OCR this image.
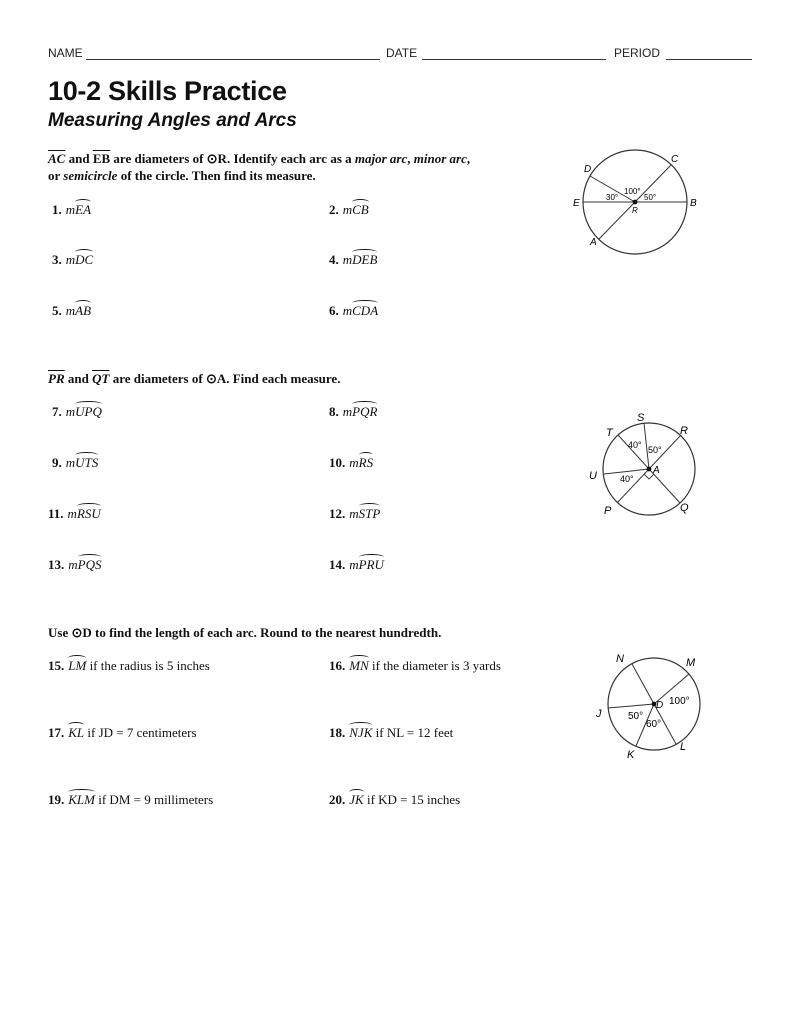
NAME	DATE	PERIOD
10-2 Skills Practice
Measuring Angles and Arcs
$\overline{AC}$ and $\overline{EB}$ are diameters of ⊙R. Identify each arc as a major arc, minor arc,
or semicircle of the circle. Then find its measure.
1. mEA	2. mCB
3. mDC	4. mDEB
5. mAB	6. mCDA
D
C
E	B
R
A
30°
100°
50°
$\overline{PR}$ and $\overline{QT}$ are diameters of ⊙A. Find each measure.
7. mUPQ	8. mPQR
9. mUTS	10. mRS
11. mRSU	12. mSTP
13. mPQS	14. mPRU
S
T	R
U	A
P	Q
40° 50°
40°
Use ⊙D to find the length of each arc. Round to the nearest hundredth.
15. LM if the radius is 5 inches	16. MN if the diameter is 3 yards
17. KL if JD = 7 centimeters	18. NJK if NL = 12 feet
19. KLM if DM = 9 millimeters	20. JK if KD = 15 inches
N	M
D
J
K
L
100°
50°
60°
